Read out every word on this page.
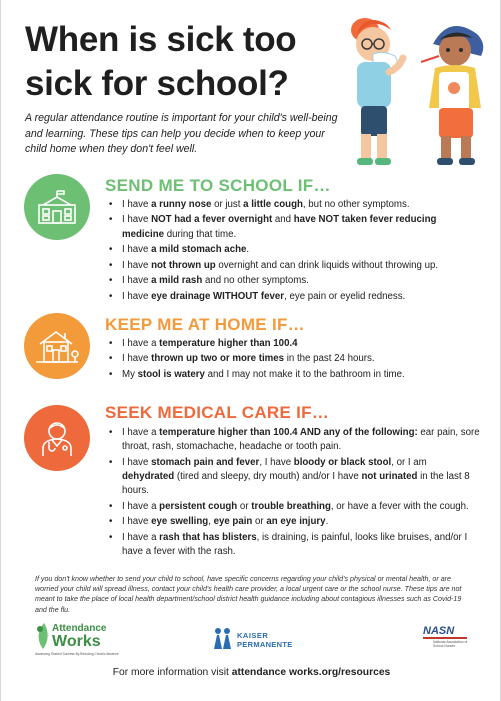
When is sick too
sick for school?

A regular attendance routine is important for your child's well-being and learning. These tips can help you decide when to keep your child home when they don't feel well.

SEND ME TO SCHOOL IF…
• I have a runny nose or just a little cough, but no other symptoms.
• I have NOT had a fever overnight and have NOT taken fever reducing medicine during that time.
• I have a mild stomach ache.
• I have not thrown up overnight and can drink liquids without throwing up.
• I have a mild rash and no other symptoms.
• I have eye drainage WITHOUT fever, eye pain or eyelid redness.
KEEP ME AT HOME IF…
• I have a temperature higher than 100.4
• I have thrown up two or more times in the past 24 hours.
• My stool is watery and I may not make it to the bathroom in time.
SEEK MEDICAL CARE IF…
• I have a temperature higher than 100.4 AND any of the following: ear pain, sore throat, rash, stomachache, headache or tooth pain.
• I have stomach pain and fever, I have bloody or black stool, or I am dehydrated (tired and sleepy, dry mouth) and/or I have not urinated in the last 8 hours.
• I have a persistent cough or trouble breathing, or have a fever with the cough.
• I have eye swelling, eye pain or an eye injury.
• I have a rash that has blisters, is draining, is painful, looks like bruises, and/or I have a fever with the rash.

If you don't know whether to send your child to school, have specific concerns regarding your child's physical or mental health, or are worried your child will spread illness, contact your child's health care provider, a local urgent care or the school nurse. These tips are not meant to take the place of local health department/school district health guidance including about contagious illnesses such as Covid-19 and the flu.

Attendance
Works
Advancing Student Success By Reducing Chronic Absence
KAISER
PERMANENTE
NASN
National Association of School Nurses
For more information visit attendance works.org/resources
